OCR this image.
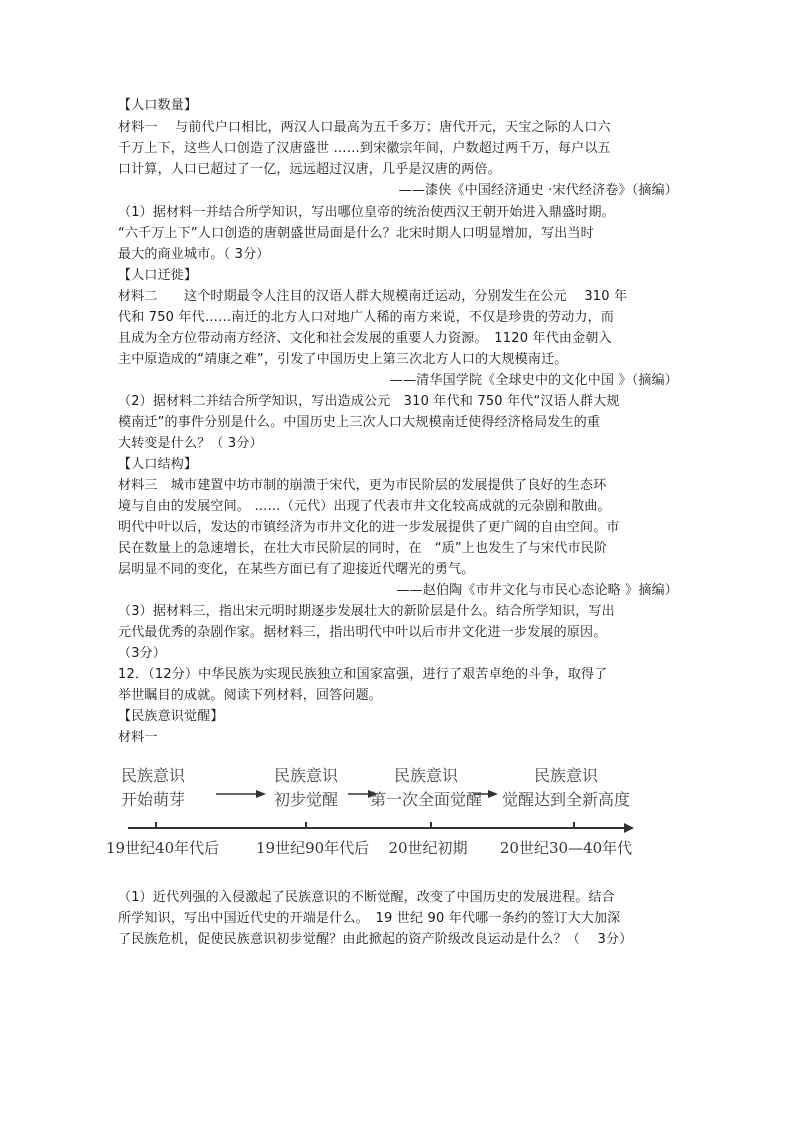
【人口数量】
材料一　 与前代户口相比，两汉人口最高为五千多万；唐代开元，天宝之际的人口六
千万上下，这些人口创造了汉唐盛世 ……到宋徽宗年间，户数超过两千万，每户以五
口计算，人口已超过了一亿，远远超过汉唐，几乎是汉唐的两倍。
——漆侠《中国经济通史 ·宋代经济卷》（摘编）
（1）据材料一并结合所学知识，写出哪位皇帝的统治使西汉王朝开始进入鼎盛时期。
“六千万上下”人口创造的唐朝盛世局面是什么？北宋时期人口明显增加，写出当时
最大的商业城市。（ 3分）
【人口迁徙】
材料二　　这个时期最令人注目的汉语人群大规模南迁运动，分别发生在公元　 310 年
代和 750 年代……南迁的北方人口对地广人稀的南方来说，不仅是珍贵的劳动力，而
且成为全方位带动南方经济、文化和社会发展的重要人力资源。　1120 年代由金朝入
主中原造成的“靖康之难”，引发了中国历史上第三次北方人口的大规模南迁。
——清华国学院《全球史中的文化中国 》（摘编）
（2）据材料二并结合所学知识，写出造成公元　310 年代和 750 年代“汉语人群大规
模南迁”的事件分别是什么。中国历史上三次人口大规模南迁使得经济格局发生的重
大转变是什么？（ 3分）
【人口结构】
材料三　城市建置中坊市制的崩溃于宋代，更为市民阶层的发展提供了良好的生态环
境与自由的发展空间。 ……（元代）出现了代表市井文化较高成就的元杂剧和散曲。
明代中叶以后，发达的市镇经济为市井文化的进一步发展提供了更广阔的自由空间。市
民在数量上的急速增长，在壮大市民阶层的同时，在　“质”上也发生了与宋代市民阶
层明显不同的变化，在某些方面已有了迎接近代曙光的勇气。
——赵伯陶《市井文化与市民心态论略 》摘编）
（3）据材料三，指出宋元明时期逐步发展壮大的新阶层是什么。结合所学知识，写出
元代最优秀的杂剧作家。据材料三，指出明代中叶以后市井文化进一步发展的原因。
（3分）
12．（12分）中华民族为实现民族独立和国家富强，进行了艰苦卓绝的斗争，取得了
举世瞩目的成就。阅读下列材料，回答问题。
【民族意识觉醒】
材料一
民族意识
开始萌芽
民族意识
初步觉醒
民族意识
第一次全面觉醒
民族意识
觉醒达到全新高度
19世纪40年代后 19世纪90年代后	20世纪初期	20世纪30—40年代
（1）近代列强的入侵激起了民族意识的不断觉醒，改变了中国历史的发展进程。结合
所学知识，写出中国近代史的开端是什么。　19 世纪 90 年代哪一条约的签订大大加深
了民族危机，促使民族意识初步觉醒？由此掀起的资产阶级改良运动是什么？（　 3分）
